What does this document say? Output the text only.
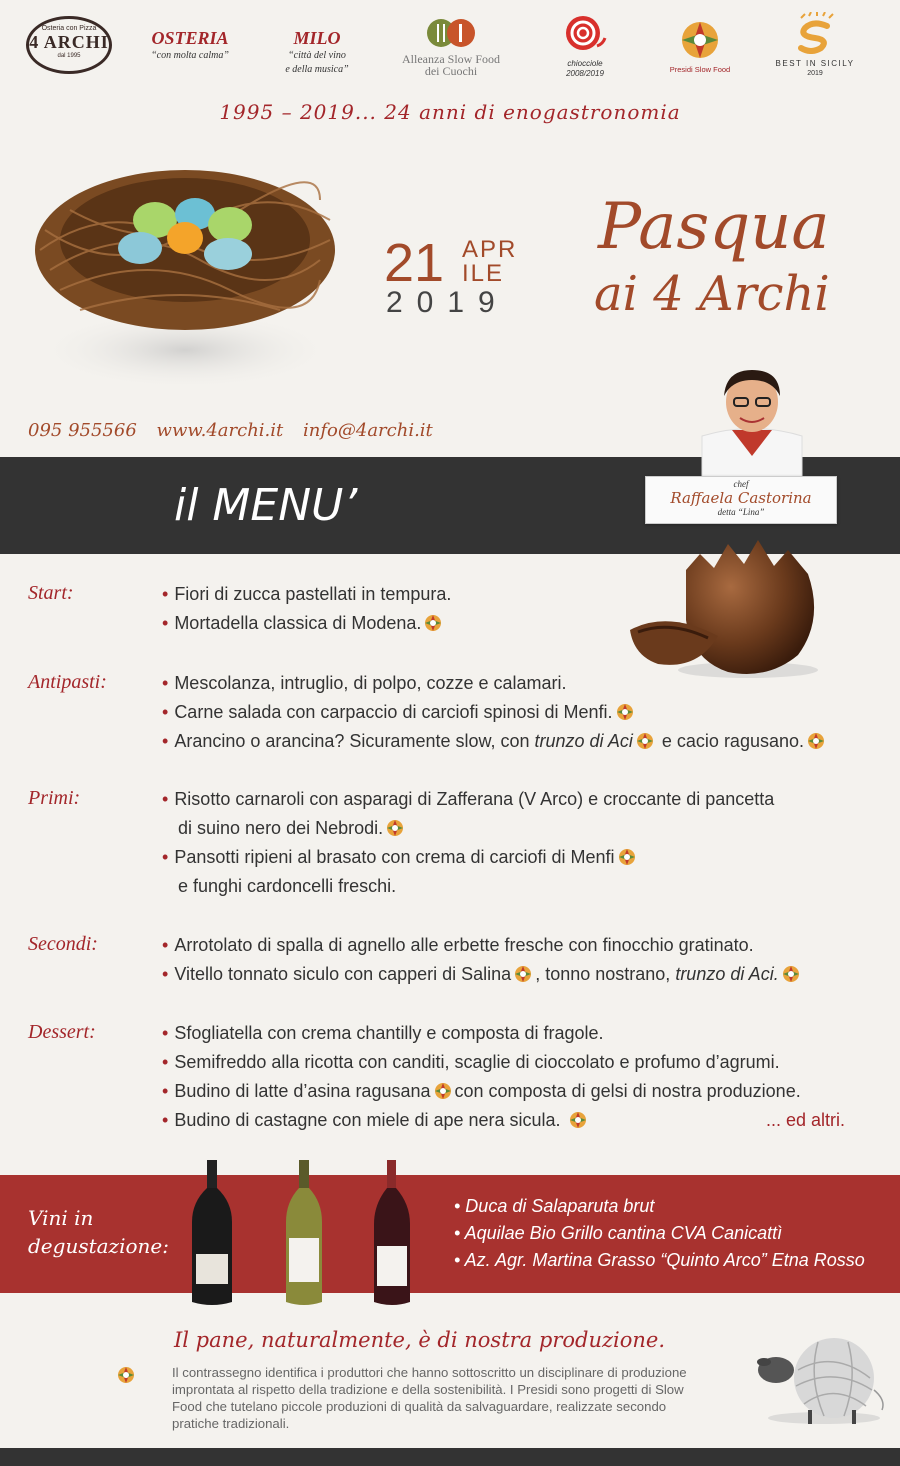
Osteria con Pizza
4 ARCHI
dal 1995
OSTERIA
“con molta calma”
MILO
“città del vino
e della musica”
Alleanza Slow Food
dei Cuochi
chiocciole
2008/2019	Presidi Slow Food
BEST IN SICILY
2019
1995 – 2019... 24 anni di enogastronomia
21 APR
ILE
2019
Pasqua
ai 4 Archi
095 955566 www.4archi.it info@4archi.it
il MENU’	chef
Raffaela Castorina
detta “Lina”
Start:	• Fiori di zucca pastellati in tempura.
• Mortadella classica di Modena.
Antipasti:	• Mescolanza, intruglio, di polpo, cozze e calamari.
• Carne salada con carpaccio di carciofi spinosi di Menfi.
• Arancino o arancina? Sicuramente slow, con trunzo di Aci e cacio ragusano.
Primi:	• Risotto carnaroli con asparagi di Zafferana (V Arco) e croccante di pancetta
di suino nero dei Nebrodi.
• Pansotti ripieni al brasato con crema di carciofi di Menfi
e funghi cardoncelli freschi.
Secondi:	• Arrotolato di spalla di agnello alle erbette fresche con finocchio gratinato.
• Vitello tonnato siculo con capperi di Salina , tonno nostrano, trunzo di Aci.
Dessert:	• Sfogliatella con crema chantilly e composta di fragole.
• Semifreddo alla ricotta con canditi, scaglie di cioccolato e profumo d’agrumi.
• Budino di latte d’asina ragusana con composta di gelsi di nostra produzione.
• Budino di castagne con miele di ape nera sicula.	... ed altri.
Vini in
degustazione:
• Duca di Salaparuta brut
• Aquilae Bio Grillo cantina CVA Canicattì
• Az. Agr. Martina Grasso “Quinto Arco” Etna Rosso
Il pane, naturalmente, è di nostra produzione.
Il contrassegno identifica i produttori che hanno sottoscritto un disciplinare di produzione improntata al rispetto della tradizione e della sostenibilità. I Presidi sono progetti di Slow Food che tutelano piccole produzioni di qualità da salvaguardare, realizzate secondo pratiche tradizionali.
